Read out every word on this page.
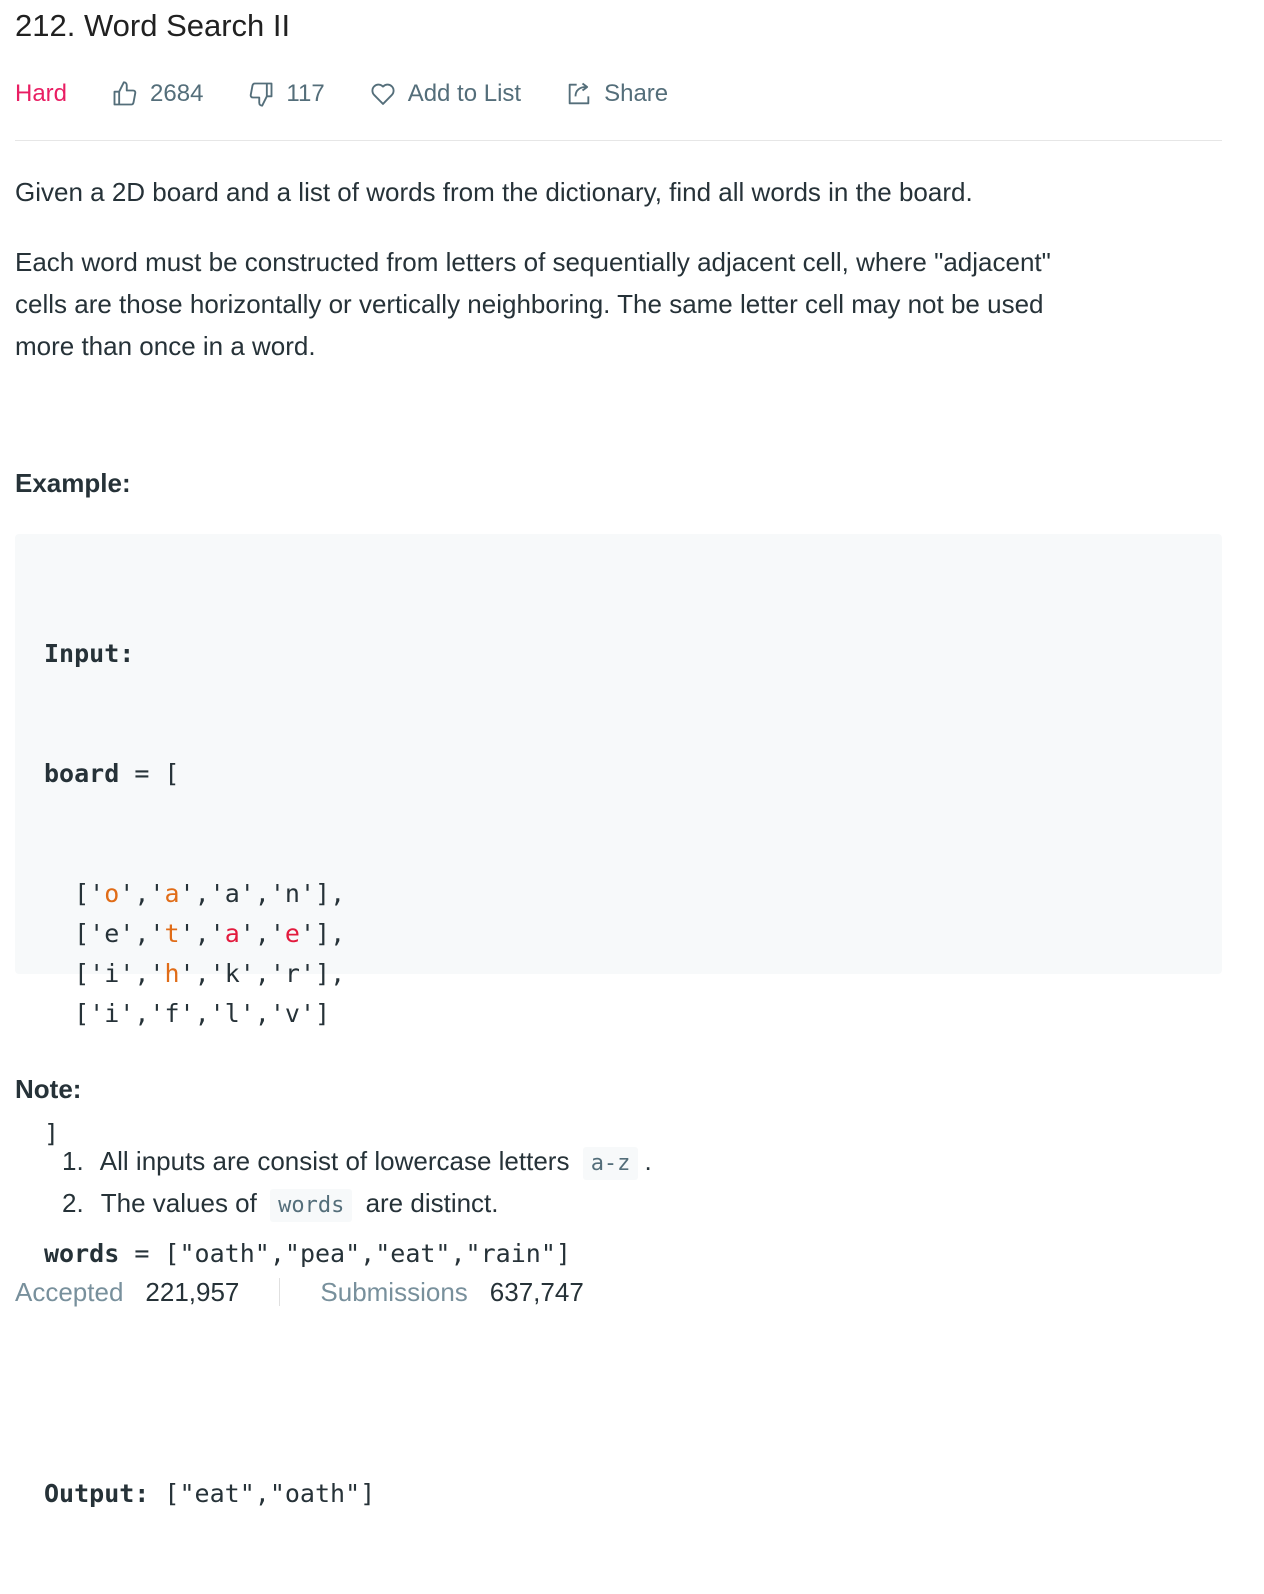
212. Word Search II
Hard	2684	117	Add to List	Share

Given a 2D board and a list of words from the dictionary, find all words in the board.

Each word must be constructed from letters of sequentially adjacent cell, where "adjacent"
cells are those horizontally or vertically neighboring. The same letter cell may not be used
more than once in a word.
Example:

Input:

board = [

['o','a','a','n'],
['e','t','a','e'],
['i','h','k','r'],
['i','f','l','v']

]

words = ["oath","pea","eat","rain"]

Output: ["eat","oath"]

Note:
1. All inputs are consist of lowercase letters a-z .
2. The values of words are distinct.
Accepted 221,957	Submissions 637,747
